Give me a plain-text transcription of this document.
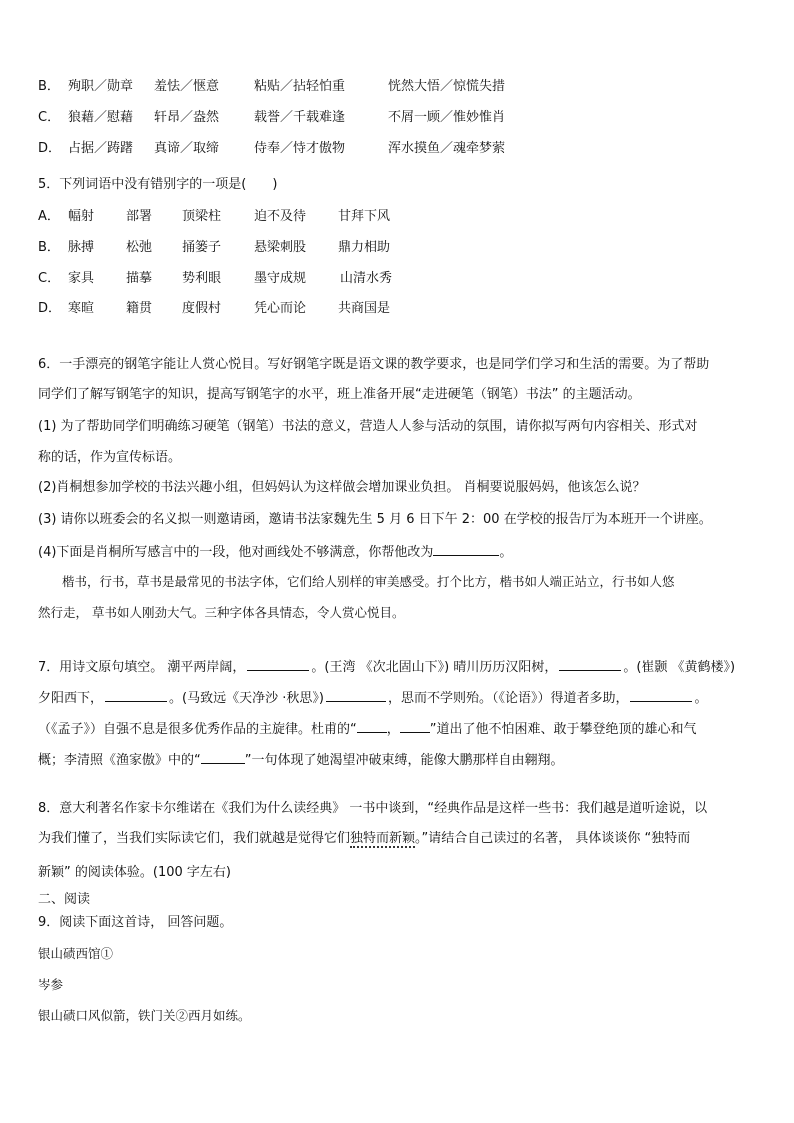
B． 殉职／勋章 羞怯／惬意	粘贴／拈轻怕重	恍然大悟／惊慌失措
C． 狼藉／慰藉 轩昂／盎然	载誉／千载难逢	不屑一顾／惟妙惟肖
D． 占据／踌躇 真谛／取缔	侍奉／恃才傲物	浑水摸鱼／魂牵梦萦
5．下列词语中没有错别字的一项是(　　)
A． 幅射 部署 顶梁柱	迫不及待 甘拜下风
B． 脉搏 松弛 捅篓子	悬梁刺股 鼎力相助
C． 家具 描摹 势利眼	墨守成规	山清水秀
D． 寒暄 籍贯 度假村	凭心而论 共商国是
6．一手漂亮的钢笔字能让人赏心悦目。写好钢笔字既是语文课的教学要求，也是同学们学习和生活的需要。为了帮助
同学们了解写钢笔字的知识，提高写钢笔字的水平，班上准备开展“走进硬笔（钢笔）书法” 的主题活动。
(1) 为了帮助同学们明确练习硬笔（钢笔）书法的意义，营造人人参与活动的氛围，请你拟写两句内容相关、形式对
称的话，作为宣传标语。
(2)肖桐想参加学校的书法兴趣小组，但妈妈认为这样做会增加课业负担。 肖桐要说服妈妈，他该怎么说？
(3) 请你以班委会的名义拟一则邀请函，邀请书法家魏先生 5 月 6 日下午 2：00 在学校的报告厅为本班开一个讲座。
(4)下面是肖桐所写感言中的一段，他对画线处不够满意，你帮他改为	。
楷书，行书，草书是最常见的书法字体，它们给人别样的审美感受。打个比方，楷书如人端正站立，行书如人悠
然行走， 草书如人刚劲大气。三种字体各具情态，令人赏心悦目。
7．用诗文原句填空。 潮平两岸阔，	。(王湾 《次北固山下》) 晴川历历汉阳树，	。(崔颢 《黄鹤楼》)
夕阳西下，	。(马致远《天净沙 ·秋思》)	，思而不学则殆。（《论语》）得道者多助，	。
（《孟子》）自强不息是很多优秀作品的主旋律。杜甫的“ ， ”道出了他不怕困难、敢于攀登绝顶的雄心和气
概；李清照《渔家傲》中的“	”一句体现了她渴望冲破束缚，能像大鹏那样自由翱翔。
8．意大利著名作家卡尔维诺在《我们为什么读经典》 一书中谈到，“经典作品是这样一些书：我们越是道听途说，以
为我们懂了，当我们实际读它们，我们就越是觉得它们独特而新颖。”请结合自己读过的名著， 具体谈谈你 “独特而
新颖” 的阅读体验。(100 字左右)
二、阅读
9．阅读下面这首诗， 回答问题。
银山碛西馆①
岑参
银山碛口风似箭，铁门关②西月如练。
